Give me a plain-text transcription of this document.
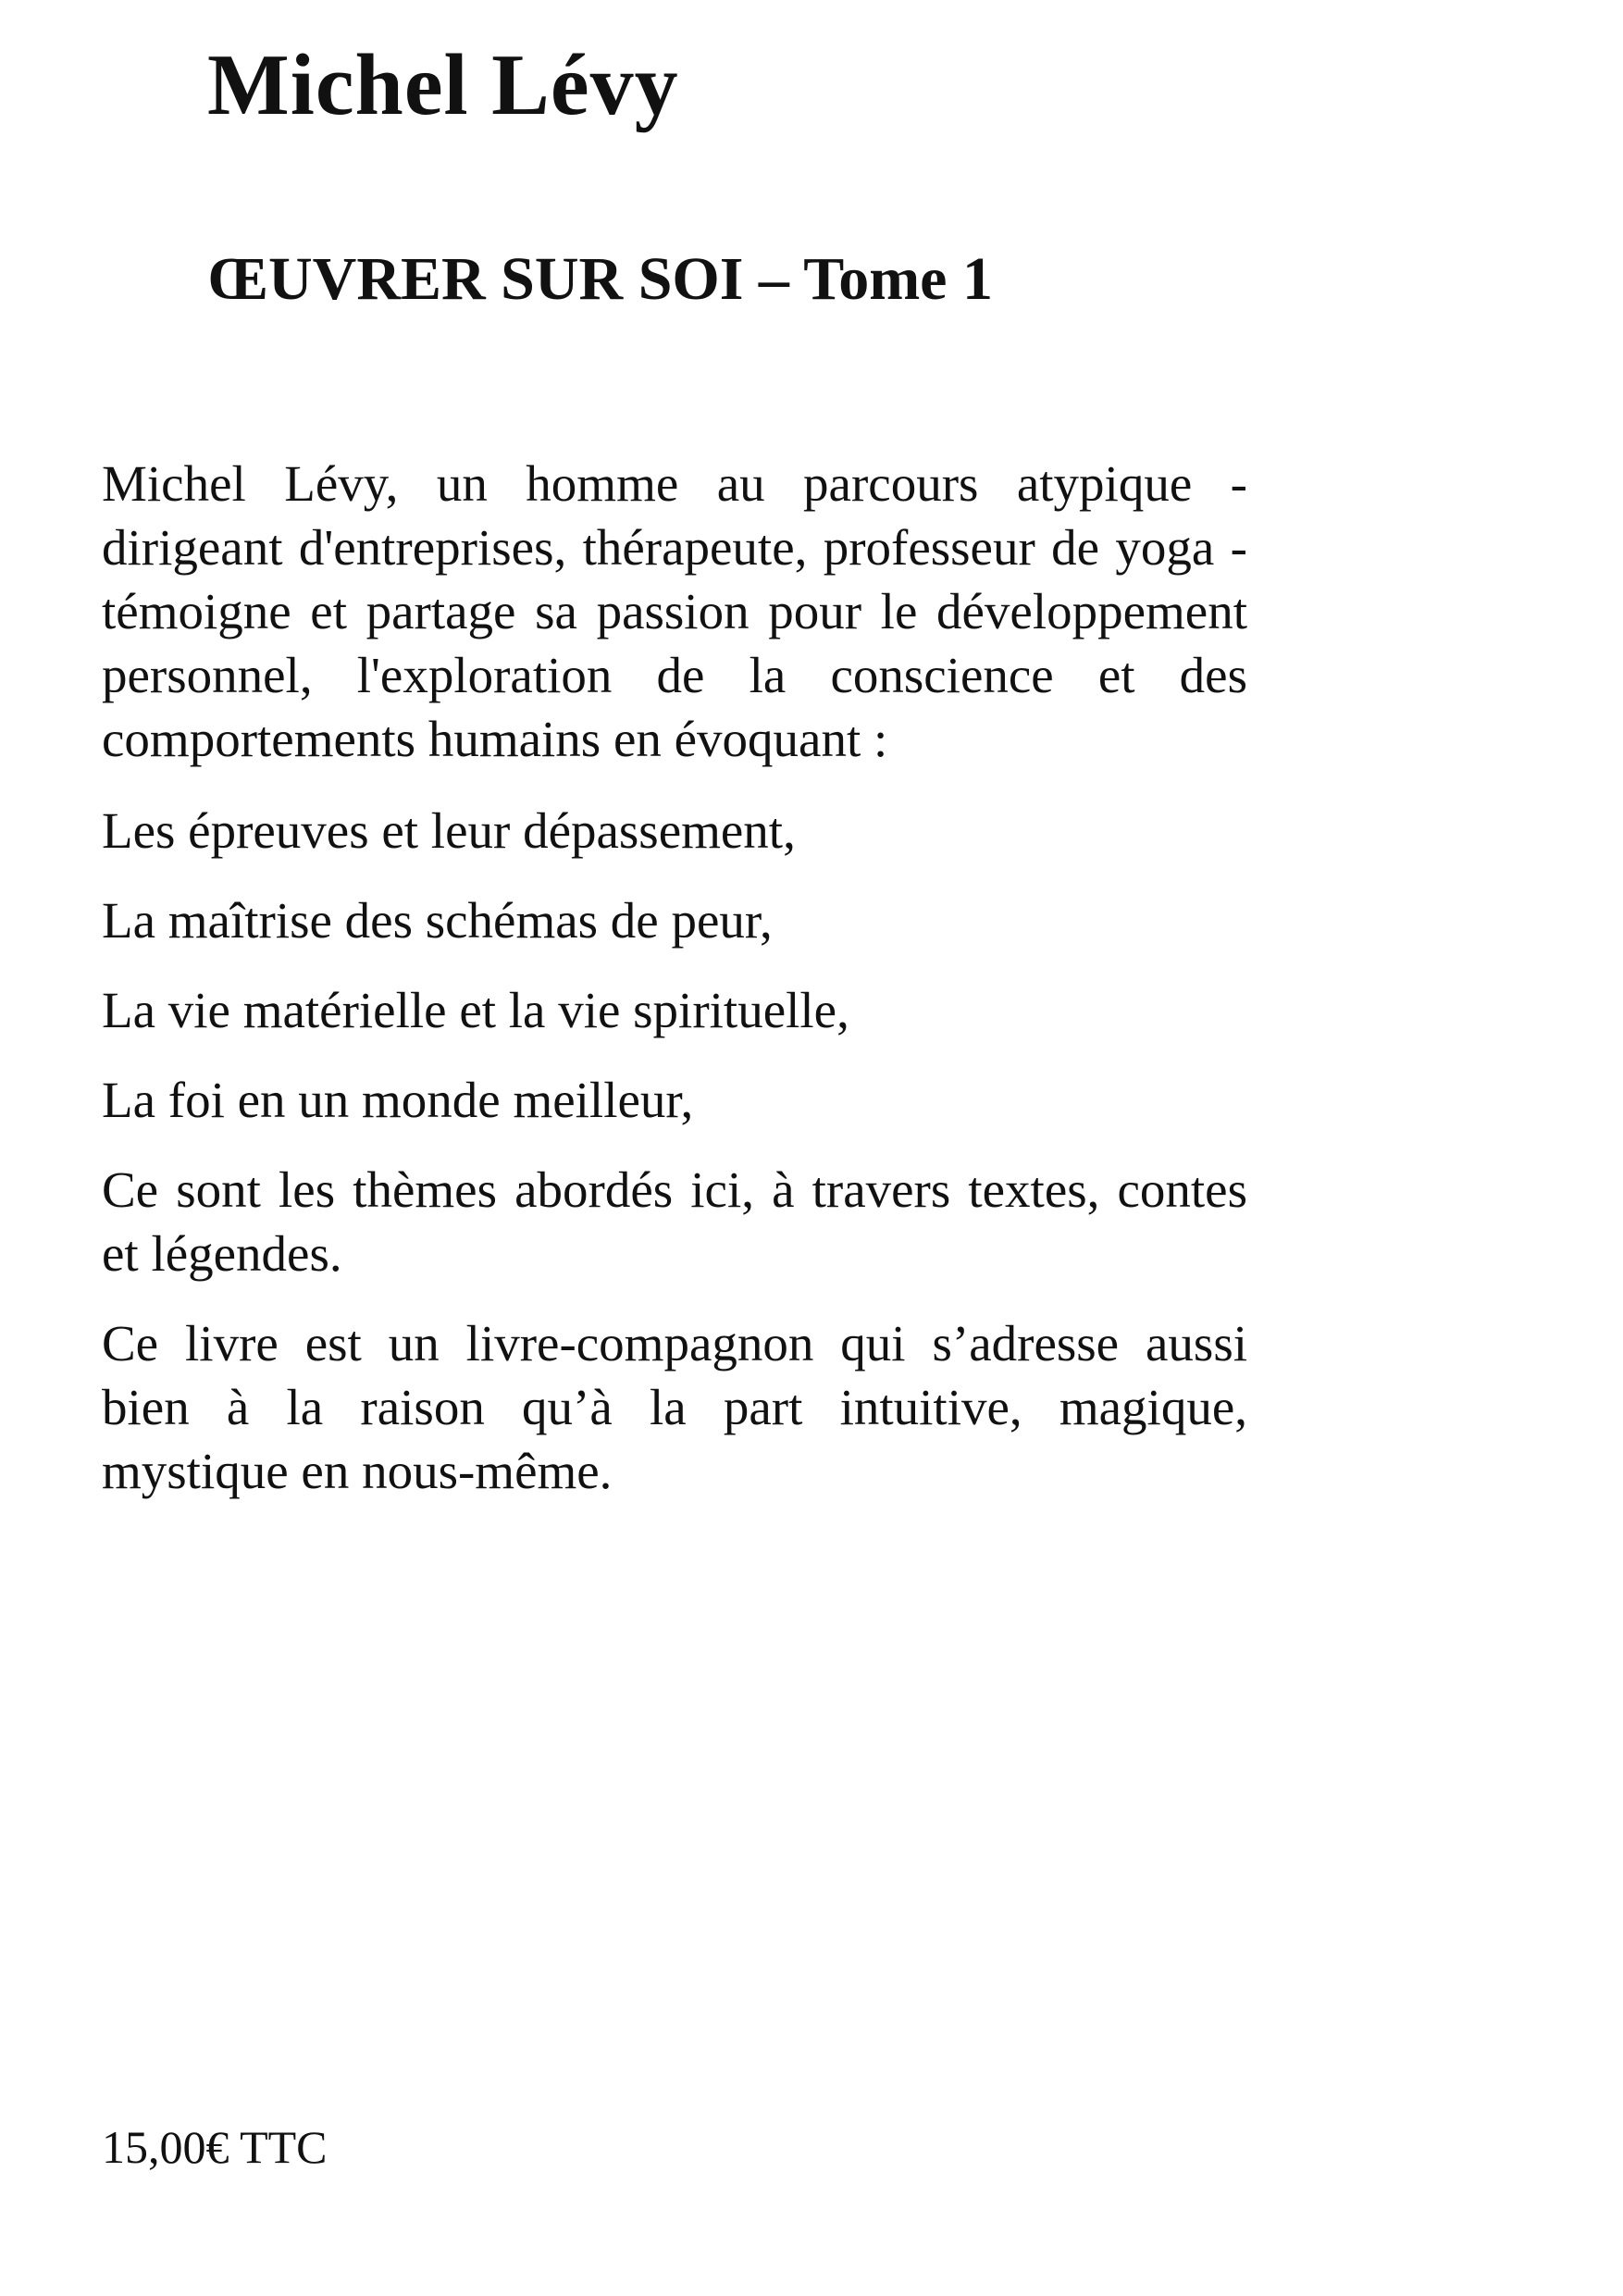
Michel Lévy
ŒUVRER SUR SOI – Tome 1

Michel Lévy, un homme au parcours atypique - dirigeant d'entreprises, thérapeute, professeur de yoga - témoigne et partage sa passion pour le développement personnel, l'exploration de la conscience et des comportements humains en évoquant :

Les épreuves et leur dépassement,

La maîtrise des schémas de peur,

La vie matérielle et la vie spirituelle,

La foi en un monde meilleur,

Ce sont les thèmes abordés ici, à travers textes, contes et légendes.

Ce livre est un livre-compagnon qui s’adresse aussi bien à la raison qu’à la part intuitive, magique, mystique en nous-même.

15,00€ TTC
